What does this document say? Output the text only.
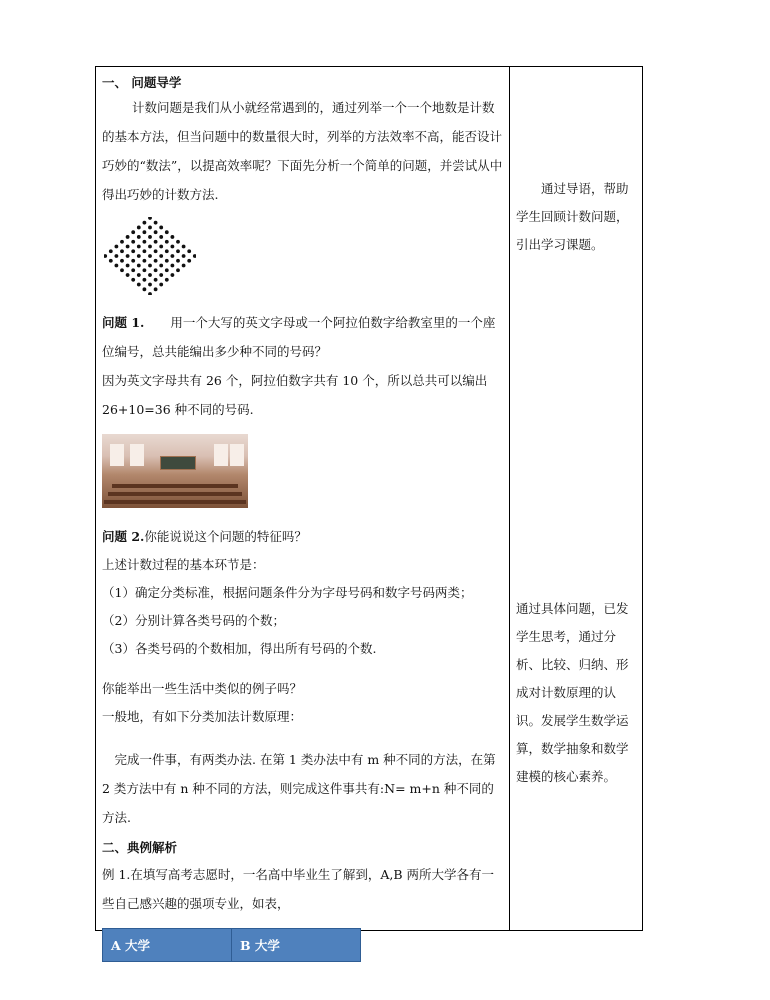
一、 问题导学

计数问题是我们从小就经常遇到的，通过列举一个一个地数是计数的基本方法，但当问题中的数量很大时，列举的方法效率不高，能否设计巧妙的“数法”，以提高效率呢？下面先分析一个简单的问题，并尝试从中得出巧妙的计数方法.

问题 1. 用一个大写的英文字母或一个阿拉伯数字给教室里的一个座位编号，总共能编出多少种不同的号码？

因为英文字母共有 26 个，阿拉伯数字共有 10 个，所以总共可以编出 26+10=36 种不同的号码.

问题 2.你能说说这个问题的特征吗？

上述计数过程的基本环节是：

（1）确定分类标准，根据问题条件分为字母号码和数字号码两类；

（2）分别计算各类号码的个数；

（3）各类号码的个数相加，得出所有号码的个数.

你能举出一些生活中类似的例子吗？

一般地，有如下分类加法计数原理：

完成一件事，有两类办法. 在第 1 类办法中有 m 种不同的方法，在第 2 类方法中有 n 种不同的方法，则完成这件事共有:N= m+n 种不同的方法.

二、典例解析

例 1.在填写高考志愿时，一名高中毕业生了解到，A,B 两所大学各有一些自己感兴趣的强项专业，如表，

A 大学	B 大学
通过导语，帮助学生回顾计数问题，引出学习课题。
通过具体问题，已发学生思考，通过分析、比较、归纳、形成对计数原理的认识。发展学生数学运算，数学抽象和数学建模的核心素养。
